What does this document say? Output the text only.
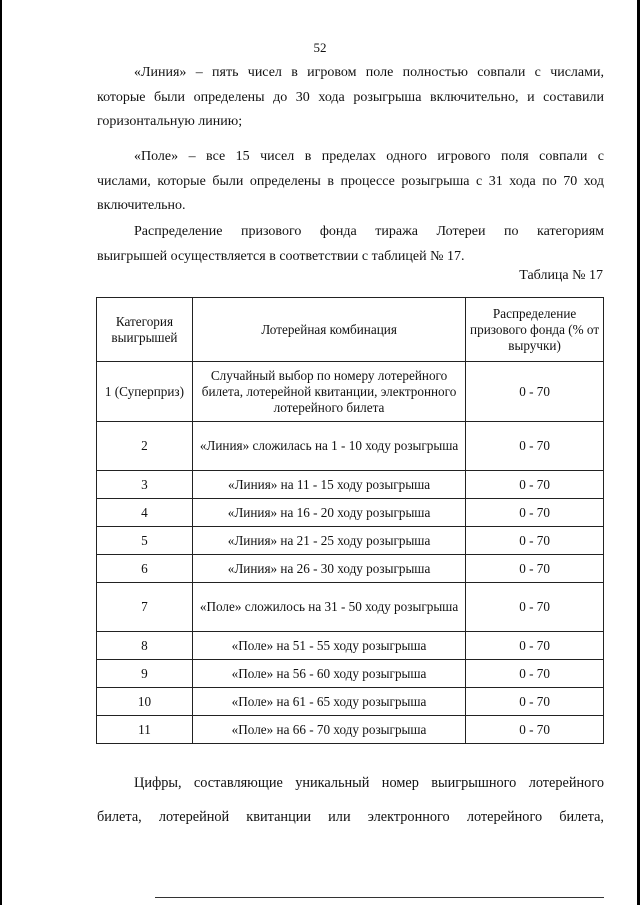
52
«Линия» – пять чисел в игровом поле полностью совпали с числами,
которые были определены до 30 хода розыгрыша включительно, и составили
горизонтальную линию;
«Поле» – все 15 чисел в пределах одного игрового поля совпали с
числами, которые были определены в процессе розыгрыша с 31 хода по 70 ход
включительно.
Распределение призового фонда тиража Лотереи по категориям
выигрышей осуществляется в соответствии с таблицей № 17.
Таблица № 17
Категория выигрышей	Лотерейная комбинация	Распределение призового фонда (% от выручки)
1 (Суперприз)	Случайный выбор по номеру лотерейного билета, лотерейной квитанции, электронного лотерейного билета	0 - 70
2	«Линия» сложилась на 1 - 10 ходу розыгрыша	0 - 70
3	«Линия» на 11 - 15 ходу розыгрыша	0 - 70
4	«Линия» на 16 - 20 ходу розыгрыша	0 - 70
5	«Линия» на 21 - 25 ходу розыгрыша	0 - 70
6	«Линия» на 26 - 30 ходу розыгрыша	0 - 70
7	«Поле» сложилось на 31 - 50 ходу розыгрыша	0 - 70
8	«Поле» на 51 - 55 ходу розыгрыша	0 - 70
9	«Поле» на 56 - 60 ходу розыгрыша	0 - 70
10	«Поле» на 61 - 65 ходу розыгрыша	0 - 70
11	«Поле» на 66 - 70 ходу розыгрыша	0 - 70
Цифры, составляющие уникальный номер выигрышного лотерейного
билета, лотерейной квитанции или электронного лотерейного билета,
